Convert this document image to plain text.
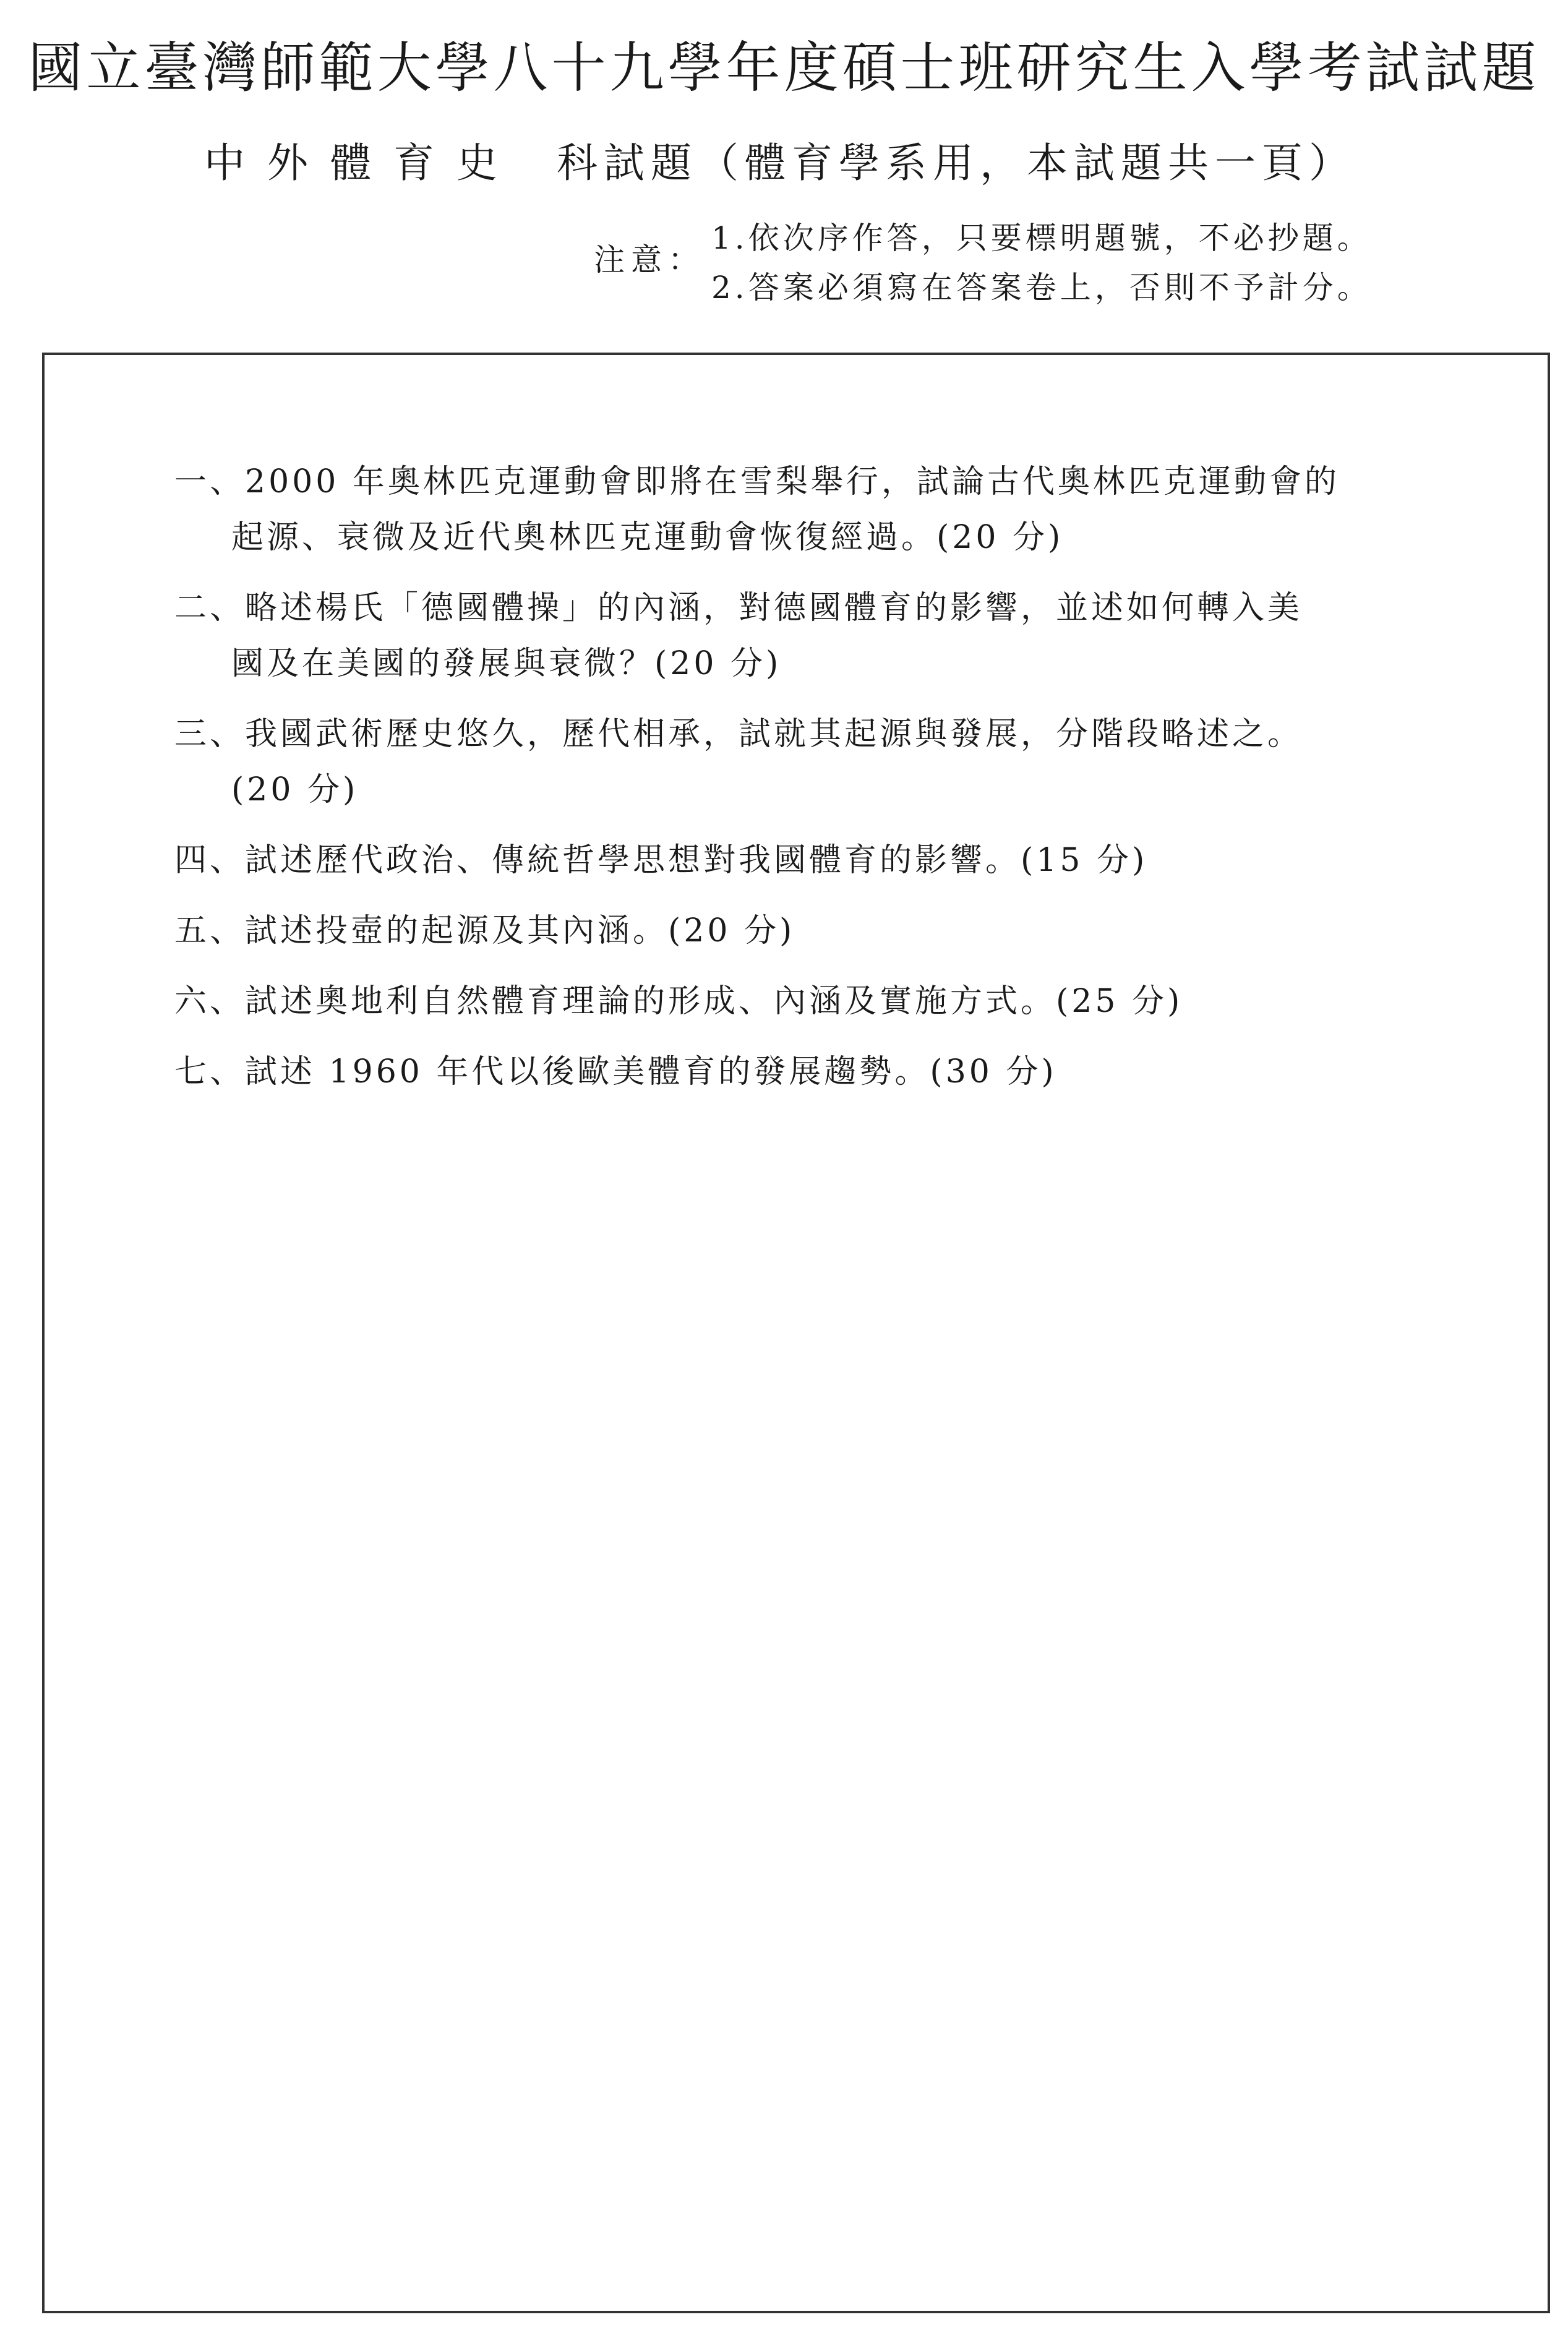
國立臺灣師範大學八十九學年度碩士班研究生入學考試試題
中外體育史 科試題（體育學系用，本試題共一頁）
注意：
1.依次序作答，只要標明題號，不必抄題。
2.答案必須寫在答案卷上，否則不予計分。
一、2000 年奧林匹克運動會即將在雪梨舉行，試論古代奧林匹克運動會的
起源、衰微及近代奧林匹克運動會恢復經過。(20 分)
二、略述楊氏「德國體操」的內涵，對德國體育的影響，並述如何轉入美
國及在美國的發展與衰微？(20 分)
三、我國武術歷史悠久，歷代相承，試就其起源與發展，分階段略述之。
(20 分)
四、試述歷代政治、傳統哲學思想對我國體育的影響。(15 分)
五、試述投壺的起源及其內涵。(20 分)
六、試述奧地利自然體育理論的形成、內涵及實施方式。(25 分)
七、試述 1960 年代以後歐美體育的發展趨勢。(30 分)
